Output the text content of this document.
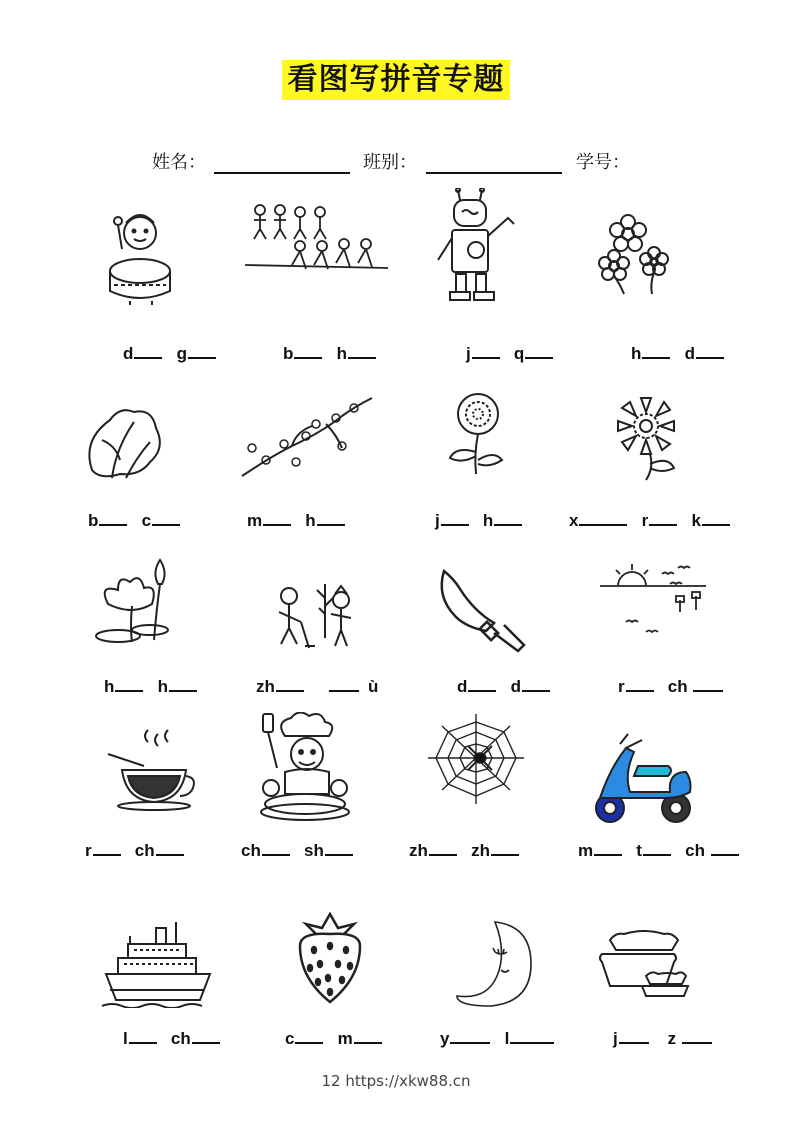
看图写拼音专题
姓名：	班别：	学号：
d	g	b	h	j	q	h	d
b	c	m	h	j	h	x	r	k
h	h	zh	ù	d	d	r	ch
r	ch	ch	sh	zh	zh	m	t	ch
l	ch	c	m	y	l	j	z
12 https://xkw88.cn
